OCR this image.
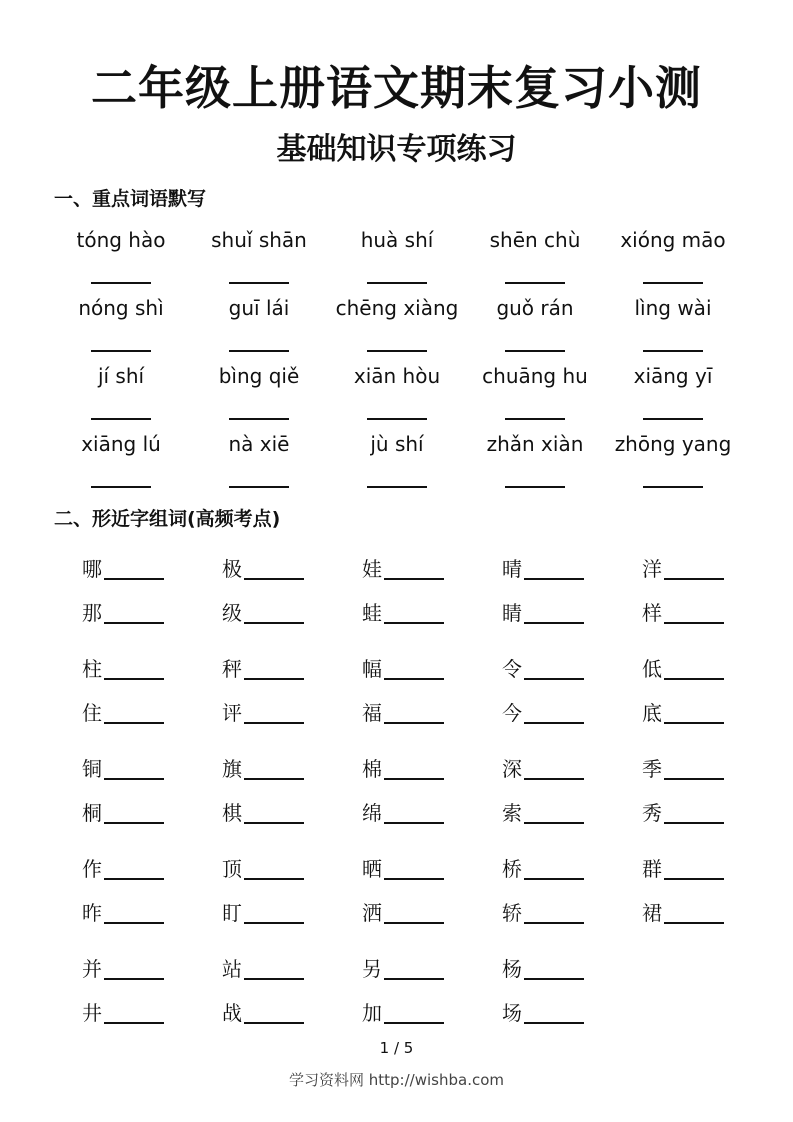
二年级上册语文期末复习小测
基础知识专项练习
一、重点词语默写
tóng hào	shuǐ shān	huà shí	shēn chù	xióng māo
nóng shì	guī lái	chēng xiàng	guǒ rán	lìng wài
jí shí	bìng qiě	xiān hòu	chuāng hu	xiāng yī
xiāng lú	nà xiē	jù shí	zhǎn xiàn	zhōng yang
二、形近字组词(高频考点)
哪	极	娃	晴	洋
那	级	蛙	睛	样
柱	秤	幅	令	低
住	评	福	今	底
铜	旗	棉	深	季
桐	棋	绵	索	秀
作	顶	晒	桥	群
昨	盯	洒	轿	裙
并	站	另	杨
井	战	加	场
1 / 5
学习资料网 http://wishba.com
